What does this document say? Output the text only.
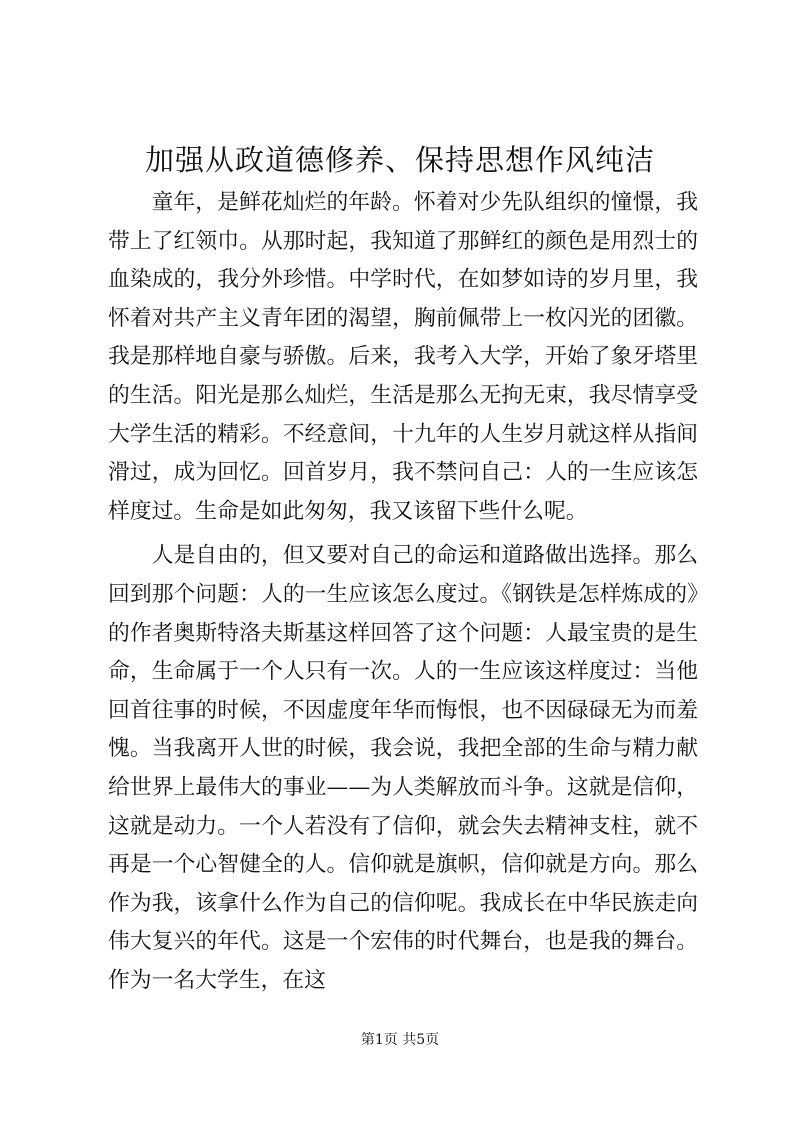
加强从政道德修养、保持思想作风纯洁

童年，是鲜花灿烂的年龄。怀着对少先队组织的憧憬，我带上了红领巾。从那时起，我知道了那鲜红的颜色是用烈士的血染成的，我分外珍惜。中学时代，在如梦如诗的岁月里，我怀着对共产主义青年团的渴望，胸前佩带上一枚闪光的团徽。我是那样地自豪与骄傲。后来，我考入大学，开始了象牙塔里的生活。阳光是那么灿烂，生活是那么无拘无束，我尽情享受大学生活的精彩。不经意间，十九年的人生岁月就这样从指间滑过，成为回忆。回首岁月，我不禁问自己：人的一生应该怎样度过。生命是如此匆匆，我又该留下些什么呢。

人是自由的，但又要对自己的命运和道路做出选择。那么回到那个问题：人的一生应该怎么度过。《钢铁是怎样炼成的》的作者奥斯特洛夫斯基这样回答了这个问题：人最宝贵的是生命，生命属于一个人只有一次。人的一生应该这样度过：当他回首往事的时候，不因虚度年华而悔恨，也不因碌碌无为而羞愧。当我离开人世的时候，我会说，我把全部的生命与精力献给世界上最伟大的事业——为人类解放而斗争。这就是信仰，这就是动力。一个人若没有了信仰，就会失去精神支柱，就不再是一个心智健全的人。信仰就是旗帜，信仰就是方向。那么作为我，该拿什么作为自己的信仰呢。我成长在中华民族走向伟大复兴的年代。这是一个宏伟的时代舞台，也是我的舞台。作为一名大学生，在这

第1页 共5页
